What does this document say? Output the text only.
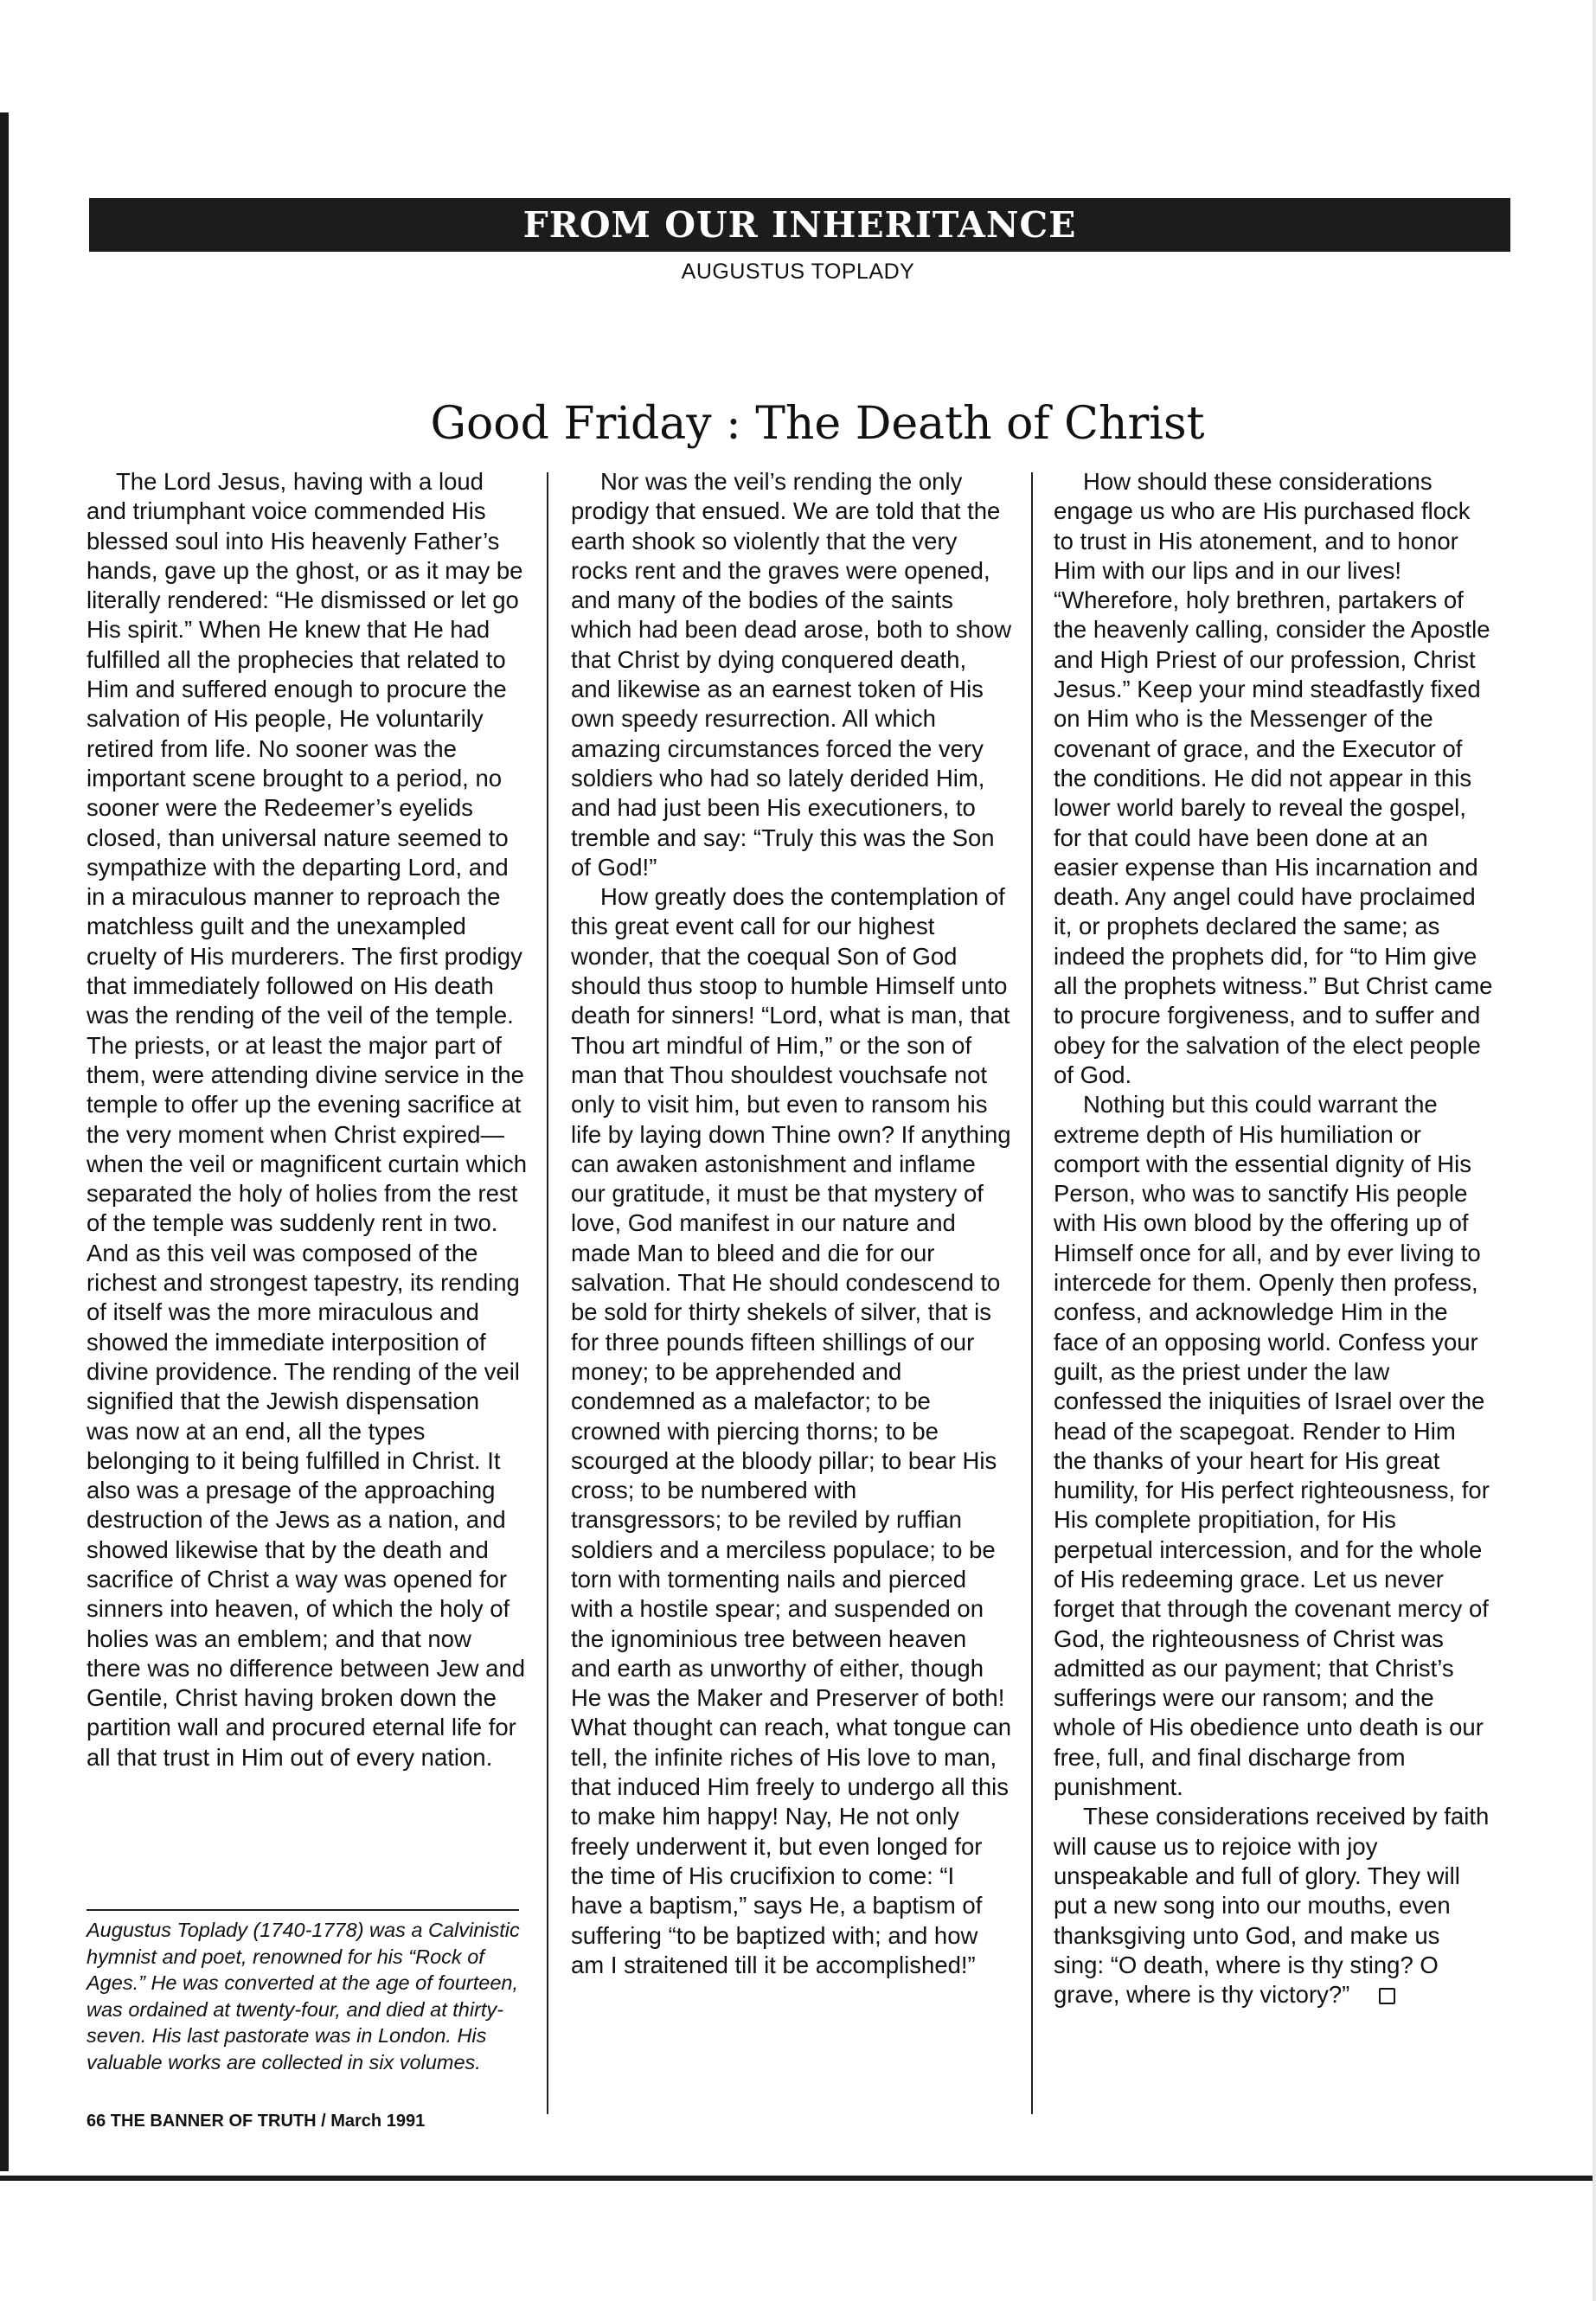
FROM OUR INHERITANCE
AUGUSTUS TOPLADY
Good Friday : The Death of Christ

The Lord Jesus, having with a loud and triumphant voice commended His blessed soul into His heavenly Father’s hands, gave up the ghost, or as it may be literally rendered: “He dismissed or let go His spirit.” When He knew that He had fulfilled all the prophecies that related to Him and suffered enough to procure the salvation of His people, He voluntarily retired from life. No sooner was the important scene brought to a period, no sooner were the Redeemer’s eyelids closed, than universal nature seemed to sympathize with the departing Lord, and in a miraculous manner to reproach the matchless guilt and the unexampled cruelty of His murderers. The first prodigy that immediately followed on His death was the rending of the veil of the temple. The priests, or at least the major part of them, were attending divine service in the temple to offer up the evening sacrifice at the very moment when Christ expired—when the veil or magnificent curtain which separated the holy of holies from the rest of the temple was suddenly rent in two. And as this veil was composed of the richest and strongest tapestry, its rending of itself was the more miraculous and showed the immediate interposition of divine providence. The rending of the veil signified that the Jewish dispensation was now at an end, all the types belonging to it being fulfilled in Christ. It also was a presage of the approaching destruction of the Jews as a nation, and showed likewise that by the death and sacrifice of Christ a way was opened for sinners into heaven, of which the holy of holies was an emblem; and that now there was no difference between Jew and Gentile, Christ having broken down the partition wall and procured eternal life for all that trust in Him out of every nation.

Nor was the veil’s rending the only prodigy that ensued. We are told that the earth shook so violently that the very rocks rent and the graves were opened, and many of the bodies of the saints which had been dead arose, both to show that Christ by dying conquered death, and likewise as an earnest token of His own speedy resurrection. All which amazing circumstances forced the very soldiers who had so lately derided Him, and had just been His executioners, to tremble and say: “Truly this was the Son of God!”

How greatly does the contemplation of this great event call for our highest wonder, that the coequal Son of God should thus stoop to humble Himself unto death for sinners! “Lord, what is man, that Thou art mindful of Him,” or the son of man that Thou shouldest vouchsafe not only to visit him, but even to ransom his life by laying down Thine own? If anything can awaken astonishment and inflame our gratitude, it must be that mystery of love, God manifest in our nature and made Man to bleed and die for our salvation. That He should condescend to be sold for thirty shekels of silver, that is for three pounds fifteen shillings of our money; to be apprehended and condemned as a malefactor; to be crowned with piercing thorns; to be scourged at the bloody pillar; to bear His cross; to be numbered with transgressors; to be reviled by ruffian soldiers and a merciless populace; to be torn with tormenting nails and pierced with a hostile spear; and suspended on the ignominious tree between heaven and earth as unworthy of either, though He was the Maker and Preserver of both! What thought can reach, what tongue can tell, the infinite riches of His love to man, that induced Him freely to undergo all this to make him happy! Nay, He not only freely underwent it, but even longed for the time of His crucifixion to come: “I have a baptism,” says He, a baptism of suffering “to be baptized with; and how am I straitened till it be accomplished!”

How should these considerations engage us who are His purchased flock to trust in His atonement, and to honor Him with our lips and in our lives! “Wherefore, holy brethren, partakers of the heavenly calling, consider the Apostle and High Priest of our profession, Christ Jesus.” Keep your mind steadfastly fixed on Him who is the Messenger of the covenant of grace, and the Executor of the conditions. He did not appear in this lower world barely to reveal the gospel, for that could have been done at an easier expense than His incarnation and death. Any angel could have proclaimed it, or prophets declared the same; as indeed the prophets did, for “to Him give all the prophets witness.” But Christ came to procure forgiveness, and to suffer and obey for the salvation of the elect people of God.

Nothing but this could warrant the extreme depth of His humiliation or comport with the essential dignity of His Person, who was to sanctify His people with His own blood by the offering up of Himself once for all, and by ever living to intercede for them. Openly then profess, confess, and acknowledge Him in the face of an opposing world. Confess your guilt, as the priest under the law confessed the iniquities of Israel over the head of the scapegoat. Render to Him the thanks of your heart for His great humility, for His perfect righteousness, for His complete propitiation, for His perpetual intercession, and for the whole of His redeeming grace. Let us never forget that through the covenant mercy of God, the righteousness of Christ was admitted as our payment; that Christ’s sufferings were our ransom; and the whole of His obedience unto death is our free, full, and final discharge from punishment.

These considerations received by faith will cause us to rejoice with joy unspeakable and full of glory. They will put a new song into our mouths, even thanksgiving unto God, and make us sing: “O death, where is thy sting? O grave, where is thy victory?”

Augustus Toplady (1740-1778) was a Calvinistic hymnist and poet, renowned for his “Rock of Ages.” He was converted at the age of fourteen, was ordained at twenty-four, and died at thirty-seven. His last pastorate was in London. His valuable works are collected in six volumes.
66 THE BANNER OF TRUTH / March 1991
